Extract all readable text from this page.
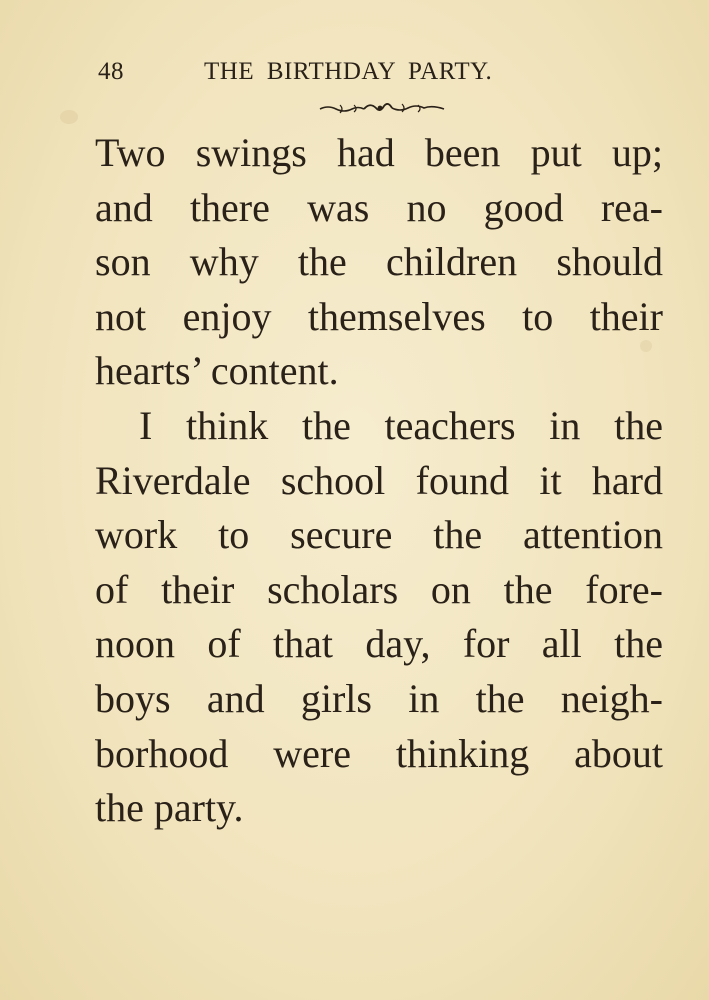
48	THE BIRTHDAY PARTY.
Two swings had been put up;
and there was no good rea-
son why the children should
not enjoy themselves to their
hearts’ content.
I think the teachers in the
Riverdale school found it hard
work to secure the attention
of their scholars on the fore-
noon of that day, for all the
boys and girls in the neigh-
borhood were thinking about
the party.
